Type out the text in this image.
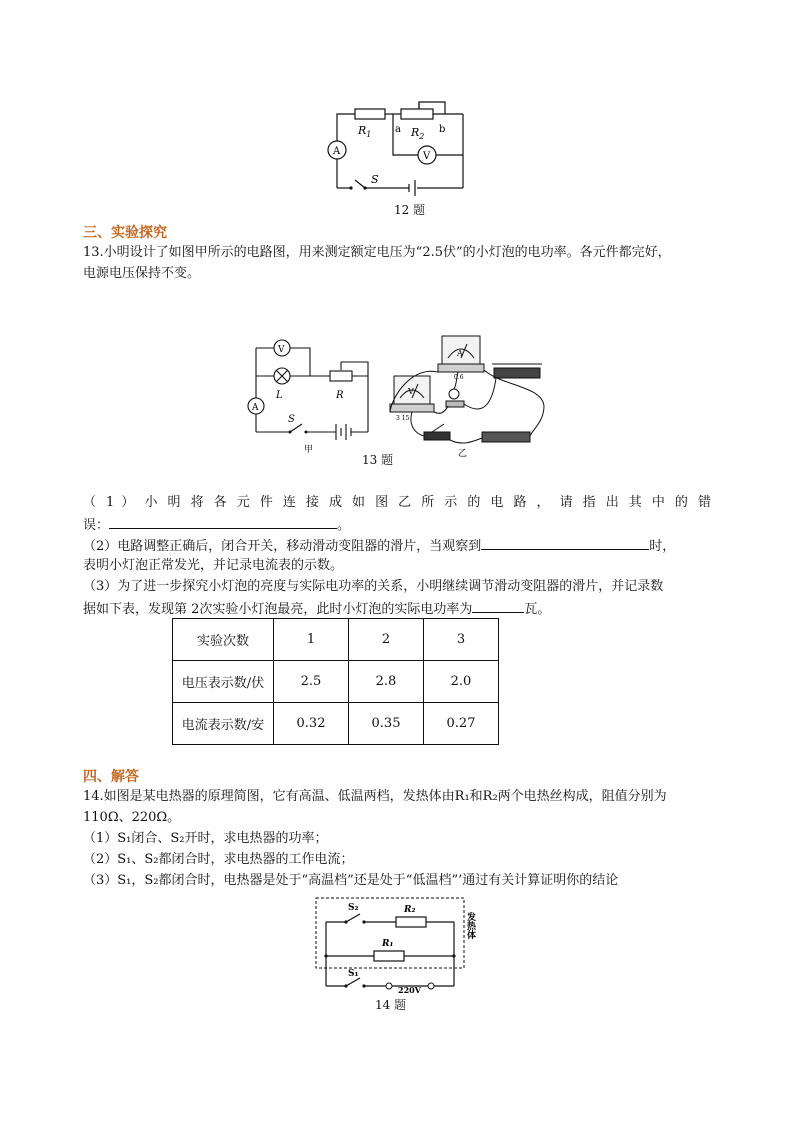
$R_1$ a $R_2$
b
A	V
S
12 题
三、实验探究
13.小明设计了如图甲所示的电路图，用来测定额定电压为“2.5伏”的小灯泡的电功率。各元件都完好，
电源电压保持不变。
V
L	R
A
S
甲
A
0.6
V
3 15
乙
13 题
（ 1 ） 小 明 将 各 元 件 连 接 成 如 图 乙 所 示 的 电 路 ， 请 指 出 其 中 的 错
误：	。
（2）电路调整正确后，闭合开关，移动滑动变阻器的滑片，当观察到	时，
表明小灯泡正常发光，并记录电流表的示数。
（3）为了进一步探究小灯泡的亮度与实际电功率的关系，小明继续调节滑动变阻器的滑片，并记录数
据如下表，发现第 2次实验小灯泡最亮，此时小灯泡的实际电功率为	瓦。
实验次数	1	2	3
电压表示数/伏	2.5	2.8	2.0
电流表示数/安	0.32	0.35	0.27
四、解答
14.如图是某电热器的原理简图，它有高温、低温两档，发热体由R₁和R₂两个电热丝构成，阻值分别为
110Ω、220Ω。
（1）S₁闭合、S₂开时，求电热器的功率；
（2）S₁、S₂都闭合时，求电热器的工作电流；
（3）S₁，S₂都闭合时，电热器是处于“高温档”还是处于“低温档”’通过有关计算证明你的结论
S₂	R₂
R₁
S₁
220V
发热体
14 题
